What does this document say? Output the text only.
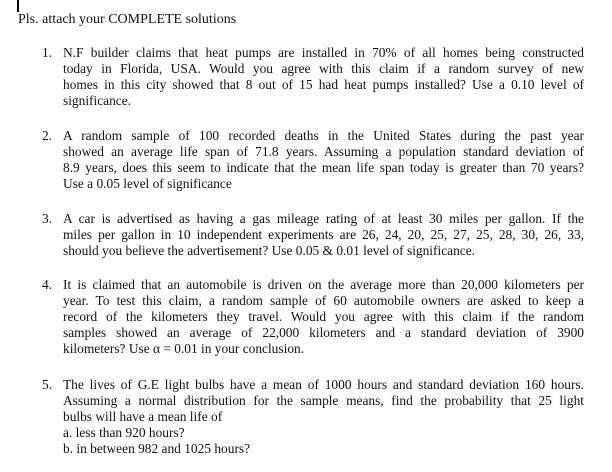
Pls. attach your COMPLETE solutions
1. N.F builder claims that heat pumps are installed in 70% of all homes being constructed
today in Florida, USA. Would you agree with this claim if a random survey of new
homes in this city showed that 8 out of 15 had heat pumps installed? Use a 0.10 level of
significance.
2. A random sample of 100 recorded deaths in the United States during the past year
showed an average life span of 71.8 years. Assuming a population standard deviation of
8.9 years, does this seem to indicate that the mean life span today is greater than 70 years?
Use a 0.05 level of significance
3. A car is advertised as having a gas mileage rating of at least 30 miles per gallon. If the
miles per gallon in 10 independent experiments are 26, 24, 20, 25, 27, 25, 28, 30, 26, 33,
should you believe the advertisement? Use 0.05 & 0.01 level of significance.
4. It is claimed that an automobile is driven on the average more than 20,000 kilometers per
year. To test this claim, a random sample of 60 automobile owners are asked to keep a
record of the kilometers they travel. Would you agree with this claim if the random
samples showed an average of 22,000 kilometers and a standard deviation of 3900
kilometers? Use α = 0.01 in your conclusion.
5. The lives of G.E light bulbs have a mean of 1000 hours and standard deviation 160 hours.
Assuming a normal distribution for the sample means, find the probability that 25 light
bulbs will have a mean life of
a. less than 920 hours?
b. in between 982 and 1025 hours?
